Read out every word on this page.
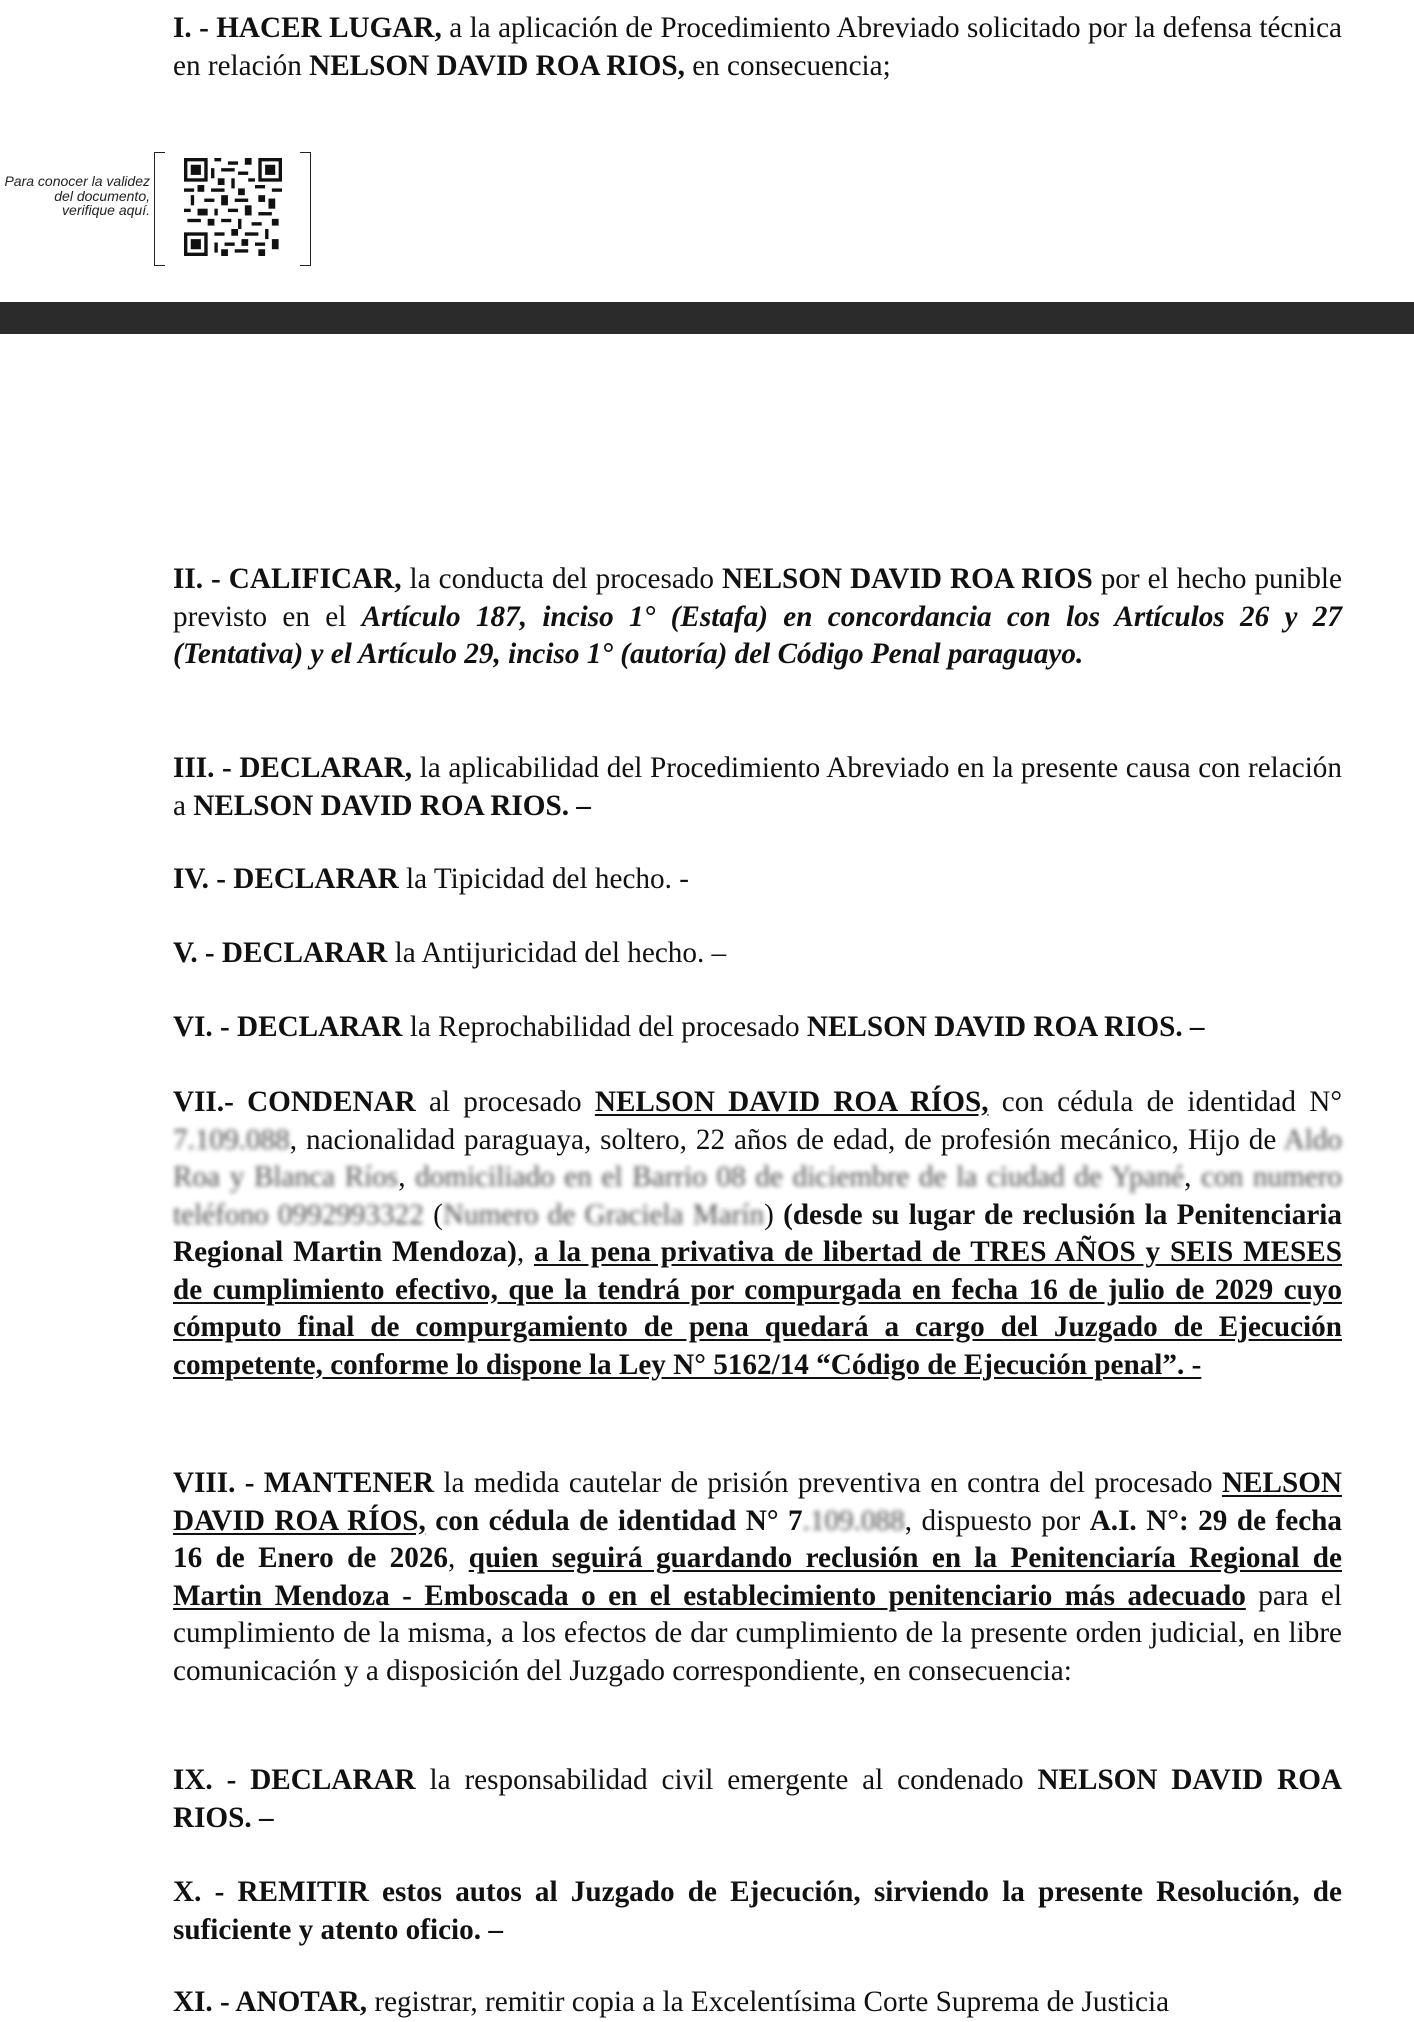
I. - HACER LUGAR, a la aplicación de Procedimiento Abreviado solicitado por la defensa técnica en relación NELSON DAVID ROA RIOS, en consecuencia;

Para conocer la validez del documento, verifique aquí.

II. - CALIFICAR, la conducta del procesado NELSON DAVID ROA RIOS por el hecho punible previsto en el Artículo 187, inciso 1° (Estafa) en concordancia con los Artículos 26 y 27 (Tentativa) y el Artículo 29, inciso 1° (autoría) del Código Penal paraguayo.

III. - DECLARAR, la aplicabilidad del Procedimiento Abreviado en la presente causa con relación a NELSON DAVID ROA RIOS. –

IV. - DECLARAR la Tipicidad del hecho. -

V. - DECLARAR la Antijuricidad del hecho. –

VI. - DECLARAR la Reprochabilidad del procesado NELSON DAVID ROA RIOS. –

VII.- CONDENAR al procesado NELSON DAVID ROA RÍOS, con cédula de identidad N° 7.109.088, nacionalidad paraguaya, soltero, 22 años de edad, de profesión mecánico, Hijo de Aldo Roa y Blanca Ríos, domiciliado en el Barrio 08 de diciembre de la ciudad de Ypané, con numero teléfono 0992993322 (Numero de Graciela Marín) (desde su lugar de reclusión la Penitenciaria Regional Martin Mendoza), a la pena privativa de libertad de TRES AÑOS y SEIS MESES de cumplimiento efectivo, que la tendrá por compurgada en fecha 16 de julio de 2029 cuyo cómputo final de compurgamiento de pena quedará a cargo del Juzgado de Ejecución competente, conforme lo dispone la Ley N° 5162/14 “Código de Ejecución penal”. -

VIII. - MANTENER la medida cautelar de prisión preventiva en contra del procesado NELSON DAVID ROA RÍOS, con cédula de identidad N° 7.109.088, dispuesto por A.I. N°: 29 de fecha 16 de Enero de 2026, quien seguirá guardando reclusión en la Penitenciaría Regional de Martin Mendoza - Emboscada o en el establecimiento penitenciario más adecuado para el cumplimiento de la misma, a los efectos de dar cumplimiento de la presente orden judicial, en libre comunicación y a disposición del Juzgado correspondiente, en consecuencia:

IX. - DECLARAR la responsabilidad civil emergente al condenado NELSON DAVID ROA RIOS. –

X. - REMITIR estos autos al Juzgado de Ejecución, sirviendo la presente Resolución, de suficiente y atento oficio. –

XI. - ANOTAR, registrar, remitir copia a la Excelentísima Corte Suprema de Justicia
